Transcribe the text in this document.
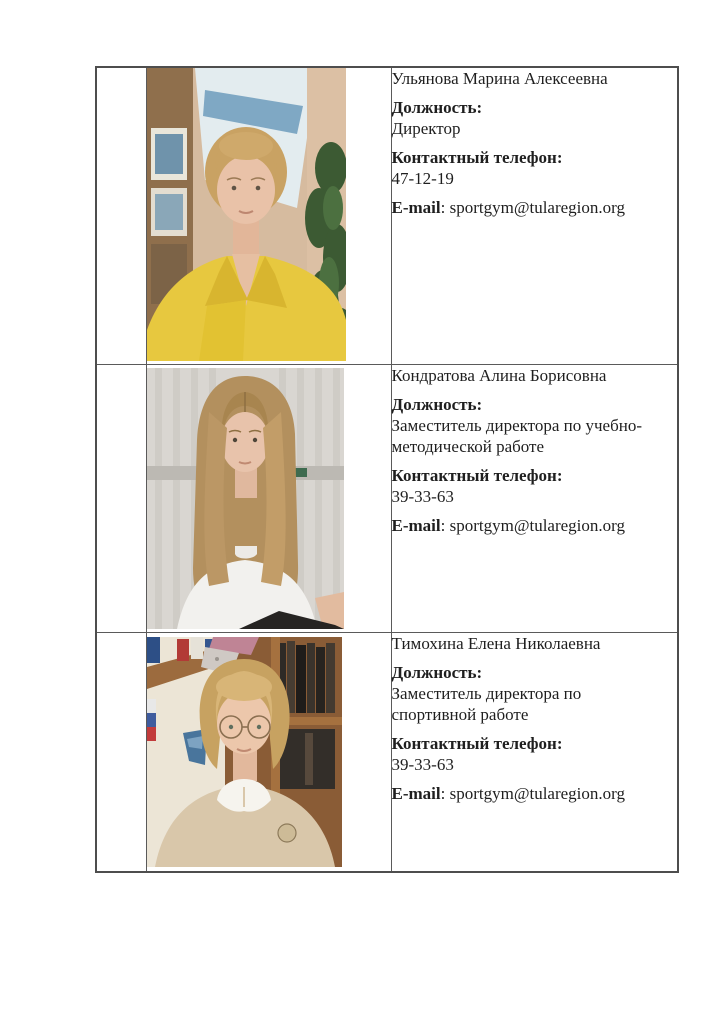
Ульянова Марина Алексеевна
Должность:
Директор
Контактный телефон:
47-12-19
E-mail: sportgym@tularegion.org

Кондратова Алина Борисовна
Должность:
Заместитель директора по учебно-
методической работе
Контактный телефон:
39-33-63
E-mail: sportgym@tularegion.org

Тимохина Елена Николаевна
Должность:
Заместитель директора по
спортивной работе
Контактный телефон:
39-33-63
E-mail: sportgym@tularegion.org
